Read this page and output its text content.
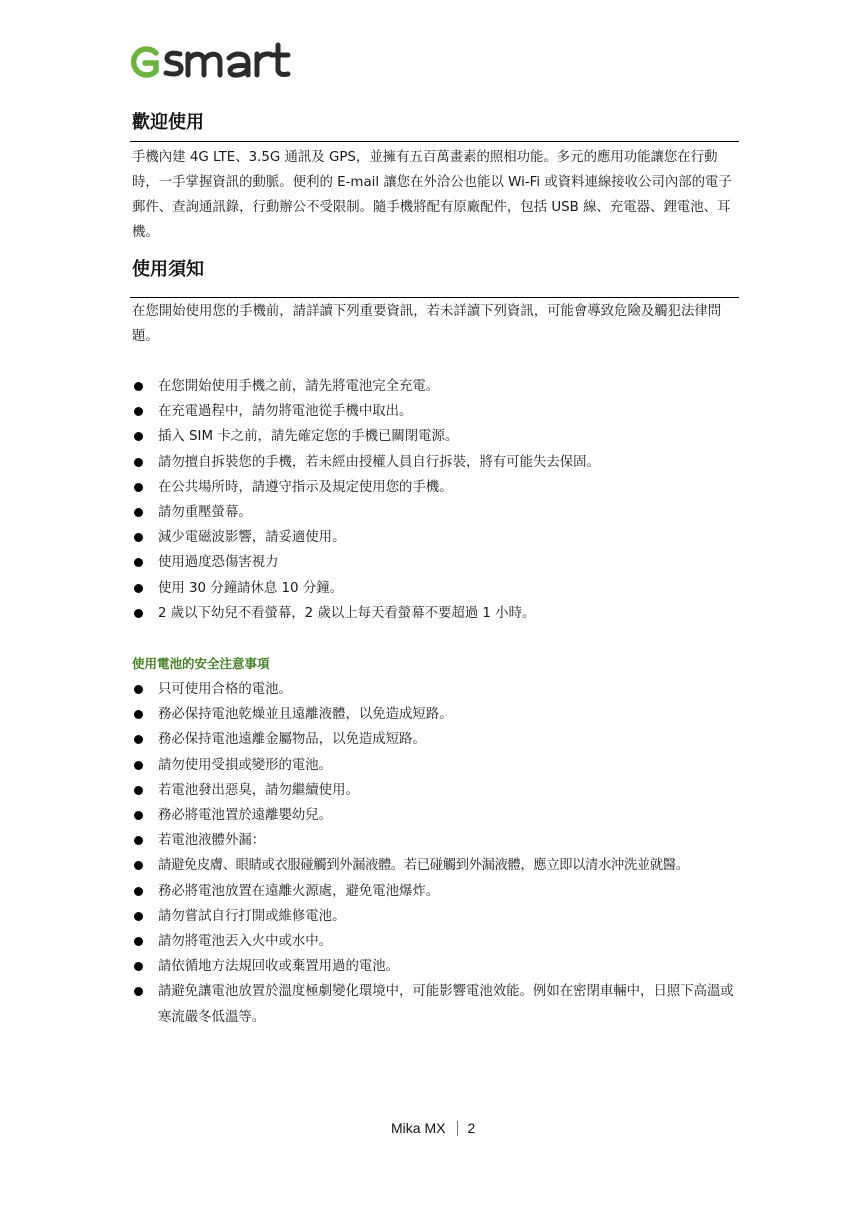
歡迎使用

手機內建 4G LTE、3.5G 通訊及 GPS，並擁有五百萬畫素的照相功能。多元的應用功能讓您在行動時，一手掌握資訊的動脈。便利的 E-mail 讓您在外洽公也能以 Wi-Fi 或資料連線接收公司內部的電子郵件、查詢通訊錄，行動辦公不受限制。隨手機將配有原廠配件，包括 USB 線、充電器、鋰電池、耳機。

使用須知

在您開始使用您的手機前，請詳讀下列重要資訊，若未詳讀下列資訊，可能會導致危險及觸犯法律問題。

在您開始使用手機之前，請先將電池完全充電。
在充電過程中，請勿將電池從手機中取出。
插入 SIM 卡之前，請先確定您的手機已關閉電源。
請勿擅自拆裝您的手機，若未經由授權人員自行拆裝，將有可能失去保固。
在公共場所時，請遵守指示及規定使用您的手機。
請勿重壓螢幕。
減少電磁波影響，請妥適使用。
使用過度恐傷害視力
使用 30 分鐘請休息 10 分鐘。
2 歲以下幼兒不看螢幕，2 歲以上每天看螢幕不要超過 1 小時。
使用電池的安全注意事項
只可使用合格的電池。
務必保持電池乾燥並且遠離液體，以免造成短路。
務必保持電池遠離金屬物品，以免造成短路。
請勿使用受損或變形的電池。
若電池發出惡臭，請勿繼續使用。
務必將電池置於遠離嬰幼兒。
若電池液體外漏：
請避免皮膚、眼睛或衣服碰觸到外漏液體。若已碰觸到外漏液體，應立即以清水沖洗並就醫。
務必將電池放置在遠離火源處，避免電池爆炸。
請勿嘗試自行打開或維修電池。
請勿將電池丟入火中或水中。
請依循地方法規回收或棄置用過的電池。
請避免讓電池放置於溫度極劇變化環境中，可能影響電池效能。例如在密閉車輛中，日照下高溫或寒流嚴冬低溫等。
Mika MX 2
